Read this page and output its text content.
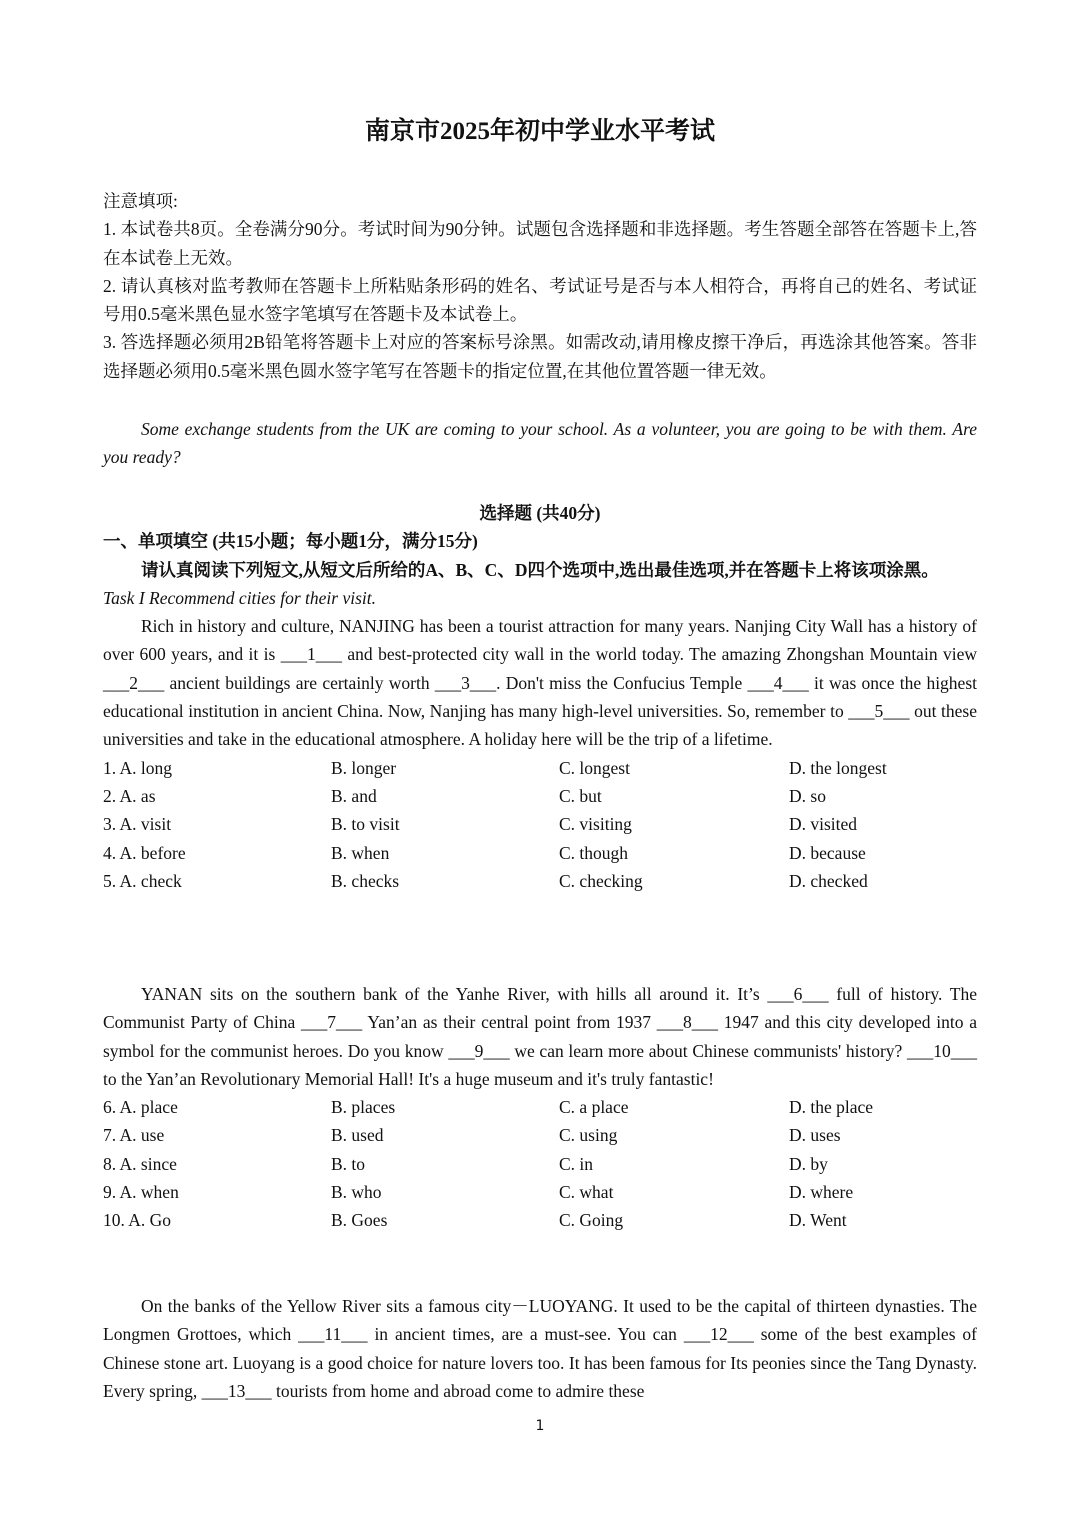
南京市2025年初中学业水平考试

注意填项:

1. 本试卷共8页。全卷满分90分。考试时间为90分钟。试题包含选择题和非选择题。考生答题全部答在答题卡上,答在本试卷上无效。

2. 请认真核对监考教师在答题卡上所粘贴条形码的姓名、考试证号是否与本人相符合，再将自己的姓名、考试证号用0.5毫米黑色显水签字笔填写在答题卡及本试卷上。

3. 答选择题必须用2B铅笔将答题卡上对应的答案标号涂黑。如需改动,请用橡皮擦干净后，再选涂其他答案。答非选择题必须用0.5毫米黑色圆水签字笔写在答题卡的指定位置,在其他位置答题一律无效。

Some exchange students from the UK are coming to your school. As a volunteer, you are going to be with them. Are you ready?

选择题 (共40分)

一、单项填空 (共15小题；每小题1分，满分15分)

请认真阅读下列短文,从短文后所给的A、B、C、D四个选项中,选出最佳选项,并在答题卡上将该项涂黑。

Task I Recommend cities for their visit.

Rich in history and culture, NANJING has been a tourist attraction for many years. Nanjing City Wall has a history of over 600 years, and it is ___1___ and best-protected city wall in the world today. The amazing Zhongshan Mountain view ___2___ ancient buildings are certainly worth ___3___. Don't miss the Confucius Temple ___4___ it was once the highest educational institution in ancient China. Now, Nanjing has many high-level universities. So, remember to ___5___ out these universities and take in the educational atmosphere. A holiday here will be the trip of a lifetime.

1. A. long	B. longer	C. longest	D. the longest
2. A. as	B. and	C. but	D. so
3. A. visit	B. to visit	C. visiting	D. visited
4. A. before	B. when	C. though	D. because
5. A. check	B. checks	C. checking	D. checked

YANAN sits on the southern bank of the Yanhe River, with hills all around it. It’s ___6___ full of history. The Communist Party of China ___7___ Yan’an as their central point from 1937 ___8___ 1947 and this city developed into a symbol for the communist heroes. Do you know ___9___ we can learn more about Chinese communists' history? ___10___ to the Yan’an Revolutionary Memorial Hall! It's a huge museum and it's truly fantastic!

6. A. place	B. places	C. a place	D. the place
7. A. use	B. used	C. using	D. uses
8. A. since	B. to	C. in	D. by
9. A. when	B. who	C. what	D. where
10. A. Go	B. Goes	C. Going	D. Went

On the banks of the Yellow River sits a famous city－LUOYANG. It used to be the capital of thirteen dynasties. The Longmen Grottoes, which ___11___ in ancient times, are a must-see. You can ___12___ some of the best examples of Chinese stone art. Luoyang is a good choice for nature lovers too. It has been famous for Its peonies since the Tang Dynasty. Every spring, ___13___ tourists from home and abroad come to admire these

1
